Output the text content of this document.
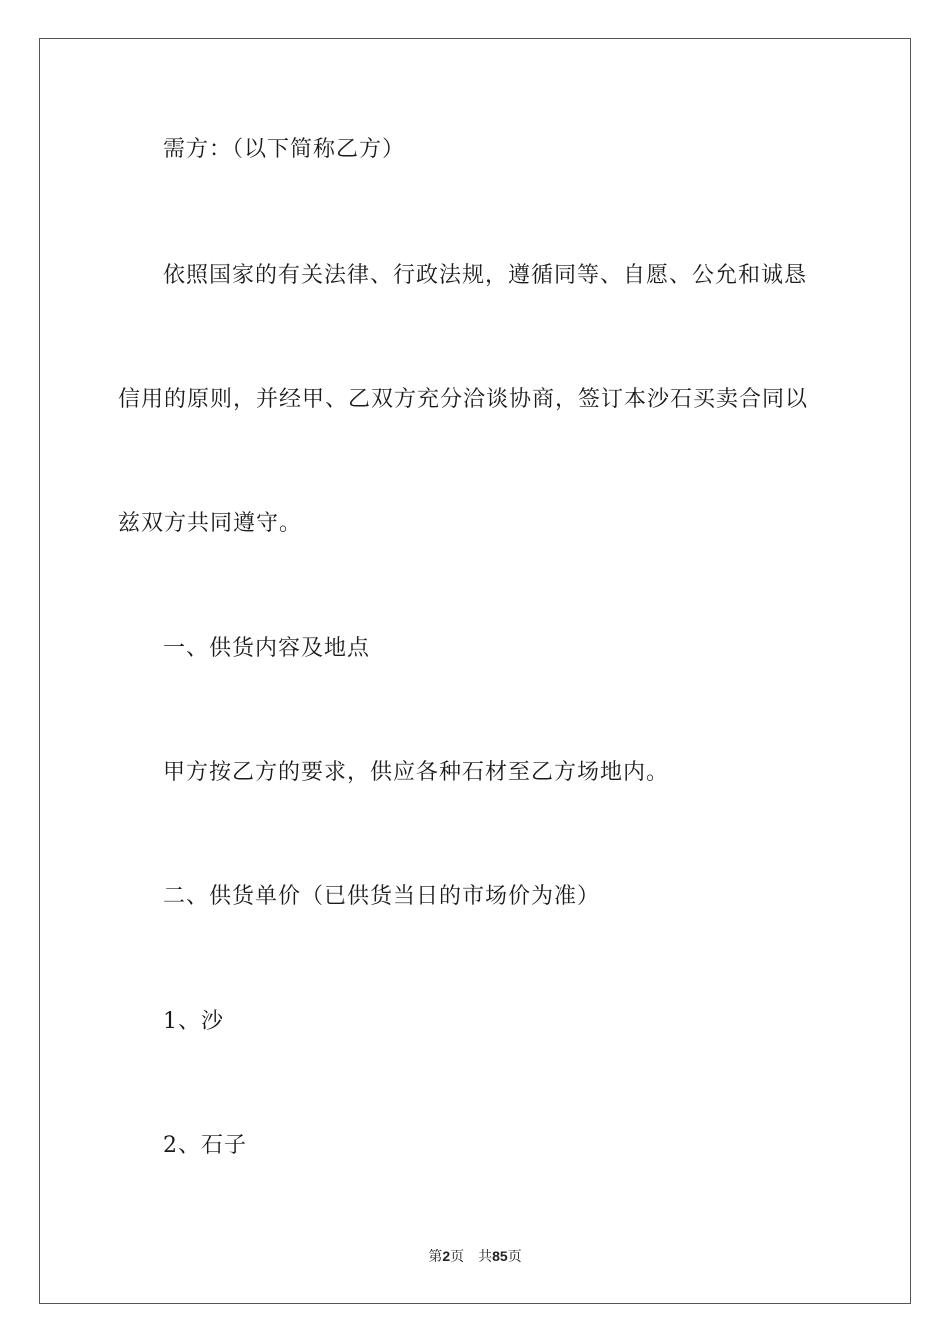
需方：（以下简称乙方）
依照国家的有关法律、行政法规，遵循同等、自愿、公允和诚恳
信用的原则，并经甲、乙双方充分洽谈协商，签订本沙石买卖合同以
兹双方共同遵守。
一、供货内容及地点
甲方按乙方的要求，供应各种石材至乙方场地内。
二、供货单价（已供货当日的市场价为准）
1、沙
2、石子
第2页 共85页
